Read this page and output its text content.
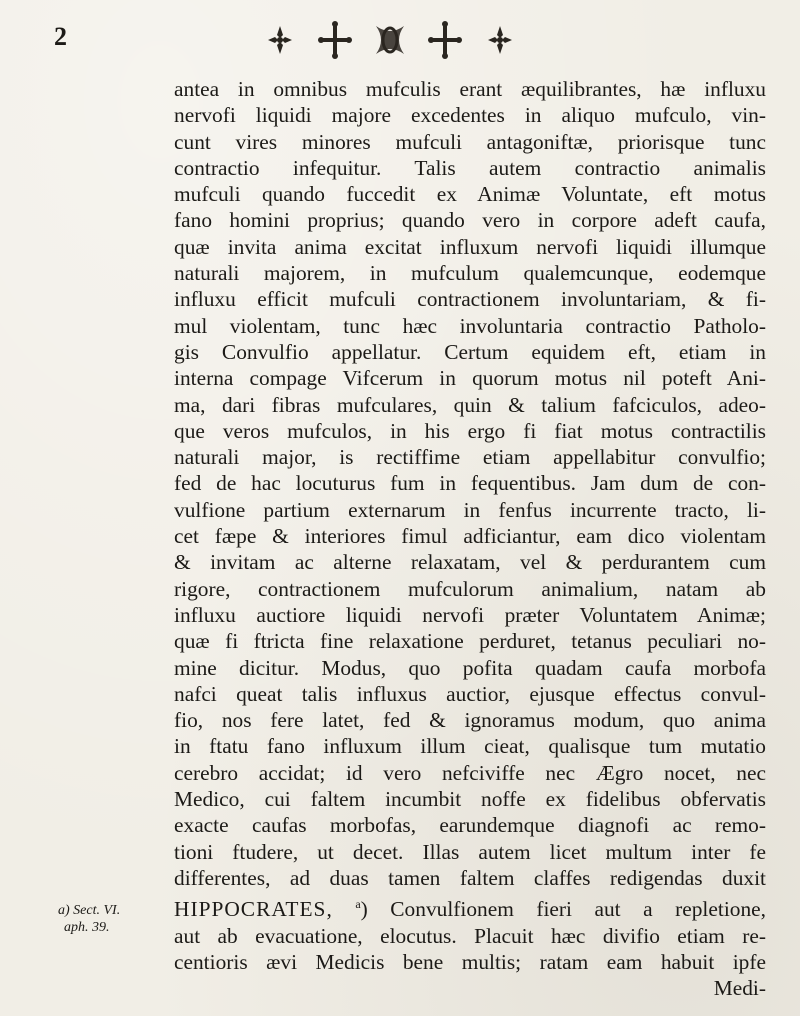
2
antea in omnibus mufculis erant æquilibrantes, hæ influxu
nervofi liquidi majore excedentes in aliquo mufculo, vin-
cunt vires minores mufculi antagoniftæ, priorisque tunc
contractio infequitur. Talis autem contractio animalis
mufculi quando fuccedit ex Animæ Voluntate, eft motus
fano homini proprius; quando vero in corpore adeft caufa,
quæ invita anima excitat influxum nervofi liquidi illumque
naturali majorem, in mufculum qualemcunque, eodemque
influxu efficit mufculi contractionem involuntariam, & fi-
mul violentam, tunc hæc involuntaria contractio Patholo-
gis Convulfio appellatur. Certum equidem eft, etiam in
interna compage Vifcerum in quorum motus nil poteft Ani-
ma, dari fibras mufculares, quin & talium fafciculos, adeo-
que veros mufculos, in his ergo fi fiat motus contractilis
naturali major, is rectiffime etiam appellabitur convulfio;
fed de hac locuturus fum in fequentibus. Jam dum de con-
vulfione partium externarum in fenfus incurrente tracto, li-
cet fæpe & interiores fimul adficiantur, eam dico violentam
& invitam ac alterne relaxatam, vel & perdurantem cum
rigore, contractionem mufculorum animalium, natam ab
influxu auctiore liquidi nervofi præter Voluntatem Animæ;
quæ fi ftricta fine relaxatione perduret, tetanus peculiari no-
mine dicitur. Modus, quo pofita quadam caufa morbofa
nafci queat talis influxus auctior, ejusque effectus convul-
fio, nos fere latet, fed & ignoramus modum, quo anima
in ftatu fano influxum illum cieat, qualisque tum mutatio
cerebro accidat; id vero nefciviffe nec Ægro nocet, nec
Medico, cui faltem incumbit noffe ex fidelibus obfervatis
exacte caufas morbofas, earundemque diagnofi ac remo-
tioni ftudere, ut decet. Illas autem licet multum inter fe
differentes, ad duas tamen faltem claffes redigendas duxit
HIPPOCRATES, $^a$) Convulfionem fieri aut a repletione,
aut ab evacuatione, elocutus. Placuit hæc divifio etiam re-
centioris ævi Medicis bene multis; ratam eam habuit ipfe
Medi-
a) Sect. VI.
aph. 39.
